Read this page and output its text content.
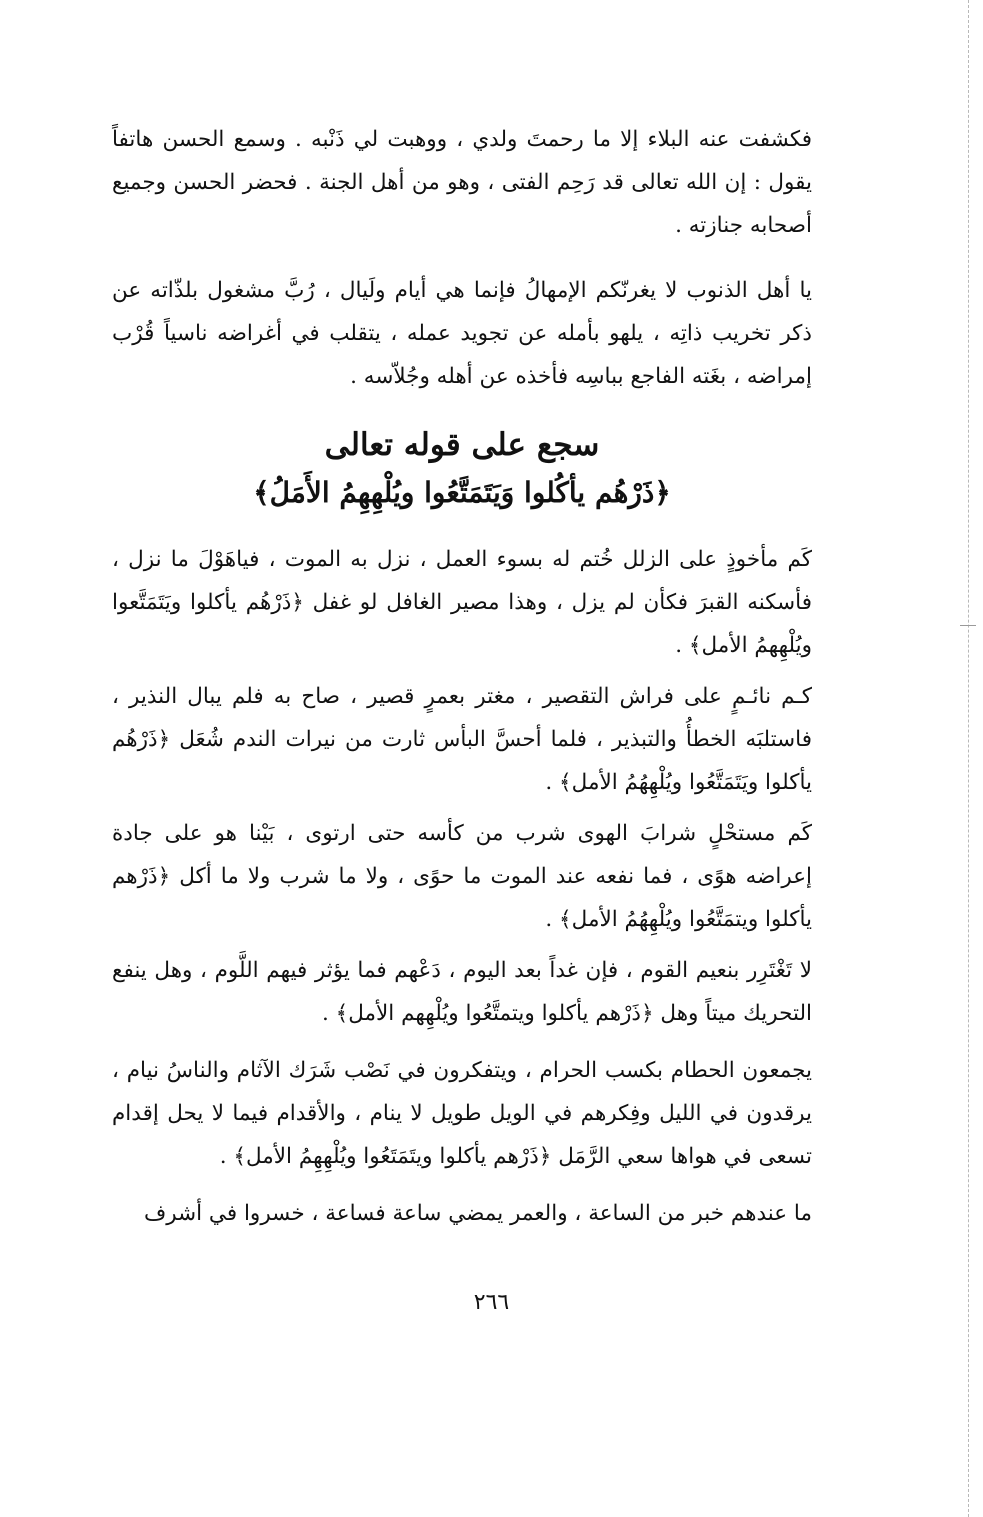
فكشفت عنه البلاء إلا ما رحمتَ ولدي ، ووهبت لي ذَنْبه . وسمع الحسن هاتفاً يقول : إن الله تعالى قد رَحِم الفتى ، وهو من أهل الجنة . فحضر الحسن وجميع أصحابه جنازته .

يا أهل الذنوب لا يغرنّكم الإمهالُ فإنما هي أيام ولَيال ، رُبَّ مشغول بلذّاته عن ذكر تخريب ذاتِه ، يلهو بأمله عن تجويد عمله ، يتقلب في أغراضه ناسياً قُرْب إمراضه ، بغَته الفاجع بباسِه فأخذه عن أهله وجُلاّسه .

سجع على قوله تعالى
﴿ذَرْهُم يأكُلوا وَيَتَمَتَّعُوا ويُلْهِهِمُ الأَمَلُ﴾

كَم مأخوذٍ على الزلل خُتم له بسوء العمل ، نزل به الموت ، فياهَوْلَ ما نزل ، فأسكنه القبرَ فكأن لم يزل ، وهذا مصير الغافل لو غفل ﴿ذَرْهُم يأكلوا ويَتَمَتَّعوا ويُلْهِهمُ الأمل﴾ .

كـم نائـمٍ على فراش التقصير ، مغتر بعمرٍ قصير ، صاح به فلم يبال النذير ، فاستلبَه الخطأُ والتبذير ، فلما أحسَّ البأس ثارت من نيرات الندم شُعَل ﴿ذَرْهُم يأكلوا ويَتَمَتَّعُوا ويُلْهِهُمُ الأمل﴾ .

كَم مستحْلٍ شرابَ الهوى شرب من كأسه حتى ارتوى ، بَيْنا هو على جادة إعراضه هوًى ، فما نفعه عند الموت ما حوًى ، ولا ما شرب ولا ما أكل ﴿ذَرْهم يأكلوا ويتمَتَّعُوا ويُلْهِهُمُ الأمل﴾ .

لا تَغْتَرِر بنعيم القوم ، فإن غداً بعد اليوم ، دَعْهم فما يؤثر فيهم اللَّوم ، وهل ينفع التحريك ميتاً وهل ﴿ذَرْهم يأكلوا ويتمتَّعُوا ويُلْهِهم الأمل﴾ .

يجمعون الحطام بكسب الحرام ، ويتفكرون في نَصْب شَرَك الآثام والناسُ نيام ، يرقدون في الليل وفِكرهم في الويل طويل لا ينام ، والأقدام فيما لا يحل إقدام تسعى في هواها سعي الرَّمَل ﴿ذَرْهم يأكلوا ويتَمَتَعُوا ويُلْهِهِمُ الأمل﴾ .

ما عندهم خبر من الساعة ، والعمر يمضي ساعة فساعة ، خسروا في أشرف

٢٦٦
